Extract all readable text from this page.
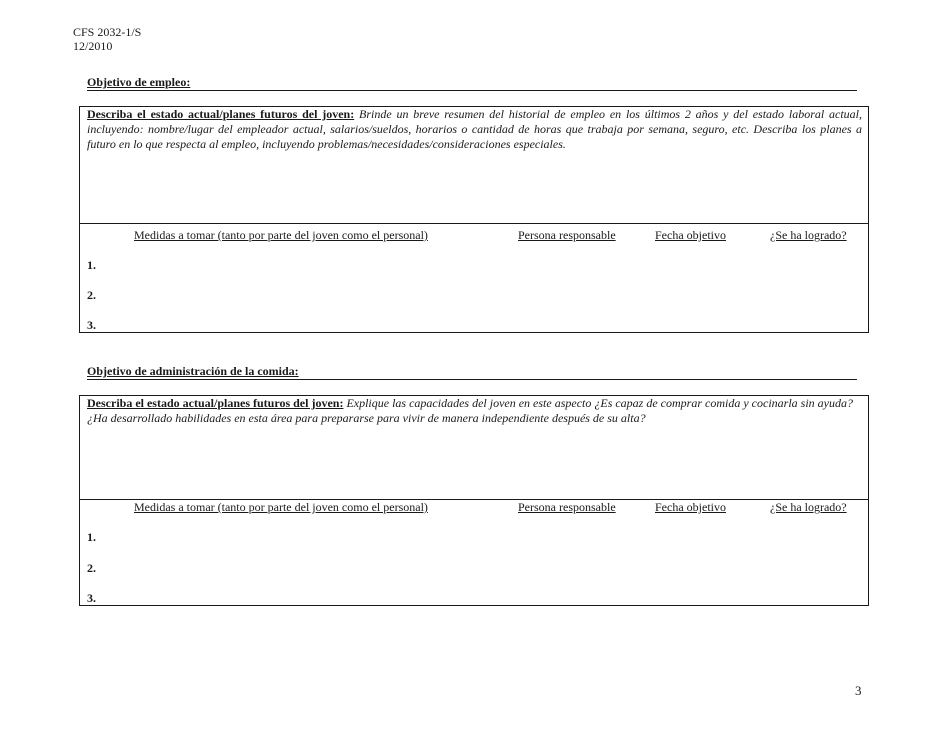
CFS 2032-1/S
12/2010
Objetivo de empleo:
Describa el estado actual/planes futuros del joven: Brinde un breve resumen del historial de empleo en los últimos 2 años y del estado laboral actual, incluyendo: nombre/lugar del empleador actual, salarios/sueldos, horarios o cantidad de horas que trabaja por semana, seguro, etc. Describa los planes a futuro en lo que respecta al empleo, incluyendo problemas/necesidades/consideraciones especiales.
Medidas a tomar (tanto por parte del joven como el personal)	Persona responsable	Fecha objetivo	¿Se ha logrado?
1.
2.
3.
Objetivo de administración de la comida:
Describa el estado actual/planes futuros del joven: Explique las capacidades del joven en este aspecto ¿Es capaz de comprar comida y cocinarla sin ayuda? ¿Ha desarrollado habilidades en esta área para prepararse para vivir de manera independiente después de su alta?
Medidas a tomar (tanto por parte del joven como el personal)	Persona responsable	Fecha objetivo	¿Se ha logrado?
1.
2.
3.
3
